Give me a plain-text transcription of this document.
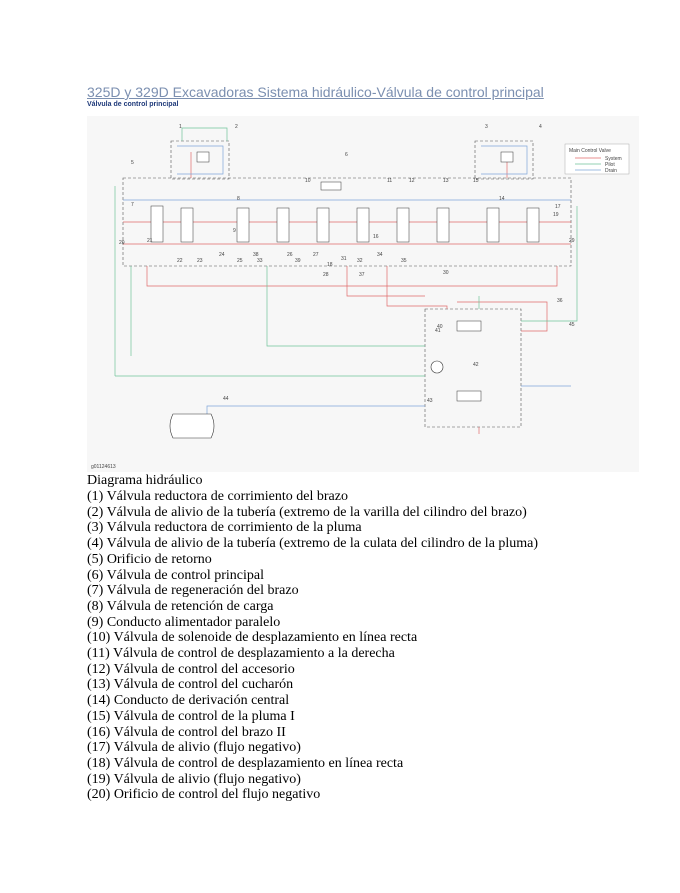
325D y 329D Excavadoras Sistema hidráulico-Válvula de control principal
Válvula de control principal
Main Control Valve
System
Pilot
Drain
1	2	3	4
5
6
7
8
9
10	11	12	13
14
15
16
17
18
19
20	21
22	23
24
25
26	27
28
29
30
31 32
33
34
35
36
37
38
39
40
41
42
43
44
45
g01124613
Diagrama hidráulico
(1) Válvula reductora de corrimiento del brazo
(2) Válvula de alivio de la tubería (extremo de la varilla del cilindro del brazo)
(3) Válvula reductora de corrimiento de la pluma
(4) Válvula de alivio de la tubería (extremo de la culata del cilindro de la pluma)
(5) Orificio de retorno
(6) Válvula de control principal
(7) Válvula de regeneración del brazo
(8) Válvula de retención de carga
(9) Conducto alimentador paralelo
(10) Válvula de solenoide de desplazamiento en línea recta
(11) Válvula de control de desplazamiento a la derecha
(12) Válvula de control del accesorio
(13) Válvula de control del cucharón
(14) Conducto de derivación central
(15) Válvula de control de la pluma I
(16) Válvula de control del brazo II
(17) Válvula de alivio (flujo negativo)
(18) Válvula de control de desplazamiento en línea recta
(19) Válvula de alivio (flujo negativo)
(20) Orificio de control del flujo negativo
